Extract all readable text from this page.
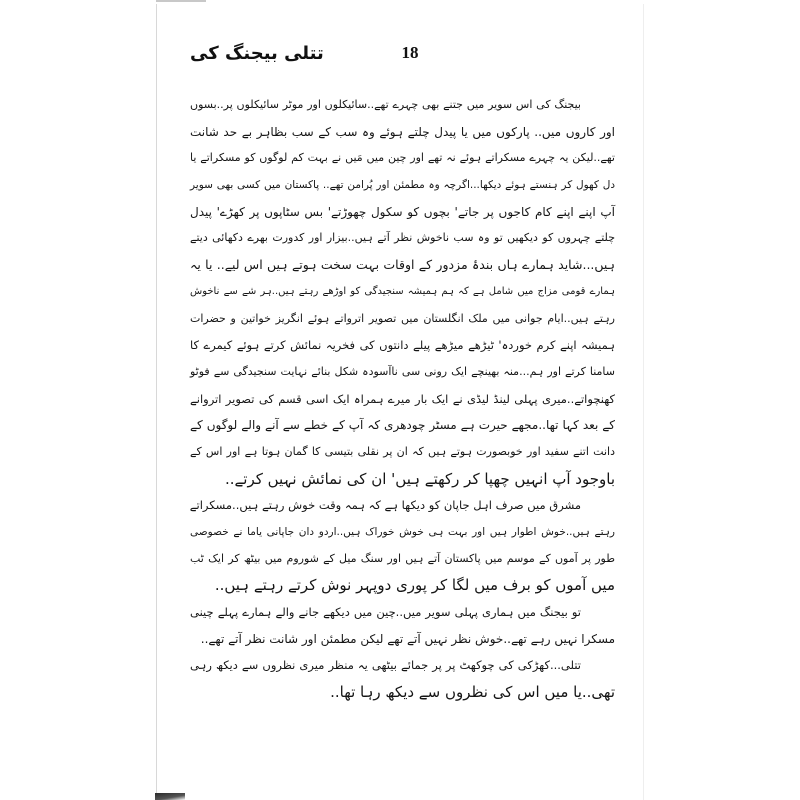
تتلی بیجنگ کی	18
بیجنگ کی اس سویر میں جتنے بھی چہرے تھے..سائیکلوں اور موٹر سائیکلوں پر..بسوں
اور کاروں میں.. پارکوں میں یا پیدل چلتے ہوئے وہ سب کے سب بظاہر بے حد شانت
تھے..لیکن یہ چہرے مسکراتے ہوئے نہ تھے اور چین میں مَیں نے بہت کم لوگوں کو مسکراتے یا
دل کھول کر ہنستے ہوئے دیکھا...اگرچہ وہ مطمئن اور پُرامن تھے.. پاکستان میں کسی بھی سویر
آپ اپنے اپنے کام کاجوں پر جاتے' بچوں کو سکول چھوڑتے' بس سٹاپوں پر کھڑے' پیدل
چلتے چہروں کو دیکھیں تو وہ سب ناخوش نظر آتے ہیں..بیزار اور کدورت بھرے دکھائی دیتے
ہیں...شاید ہمارے ہاں بندۂ مزدور کے اوقات بہت سخت ہوتے ہیں اس لیے.. یا یہ
ہمارے قومی مزاج میں شامل ہے کہ ہم ہمیشہ سنجیدگی کو اوڑھے رہتے ہیں..ہر شے سے ناخوش
رہتے ہیں..ایام جوانی میں ملک انگلستان میں تصویر اترواتے ہوئے انگریز خواتین و حضرات
ہمیشہ اپنے کرم خوردہ' ٹیڑھے میڑھے پیلے دانتوں کی فخریہ نمائش کرتے ہوئے کیمرے کا
سامنا کرتے اور ہم...منہ بھینچے ایک رونی سی ناآسودہ شکل بنائے نہایت سنجیدگی سے فوٹو
کھنچواتے..میری پہلی لینڈ لیڈی نے ایک بار میرے ہمراہ ایک اسی قسم کی تصویر اتروانے
کے بعد کہا تھا..مجھے حیرت ہے مسٹر چودھری کہ آپ کے خطے سے آنے والے لوگوں کے
دانت اتنے سفید اور خوبصورت ہوتے ہیں کہ ان پر نقلی بتیسی کا گمان ہوتا ہے اور اس کے
باوجود آپ انہیں چھپا کر رکھتے ہیں' ان کی نمائش نہیں کرتے..
مشرق میں صرف اہل جاپان کو دیکھا ہے کہ ہمہ وقت خوش رہتے ہیں..مسکراتے
رہتے ہیں..خوش اطوار ہیں اور بہت ہی خوش خوراک ہیں..اردو دان جاپانی یاما نے خصوصی
طور پر آموں کے موسم میں پاکستان آتے ہیں اور سنگ میل کے شوروم میں بیٹھ کر ایک ٹب
میں آموں کو برف میں لگا کر پوری دوپہر نوش کرتے رہتے ہیں..
تو بیجنگ میں ہماری پہلی سویر میں..چین میں دیکھے جانے والے ہمارے پہلے چینی
مسکرا نہیں رہے تھے..خوش نظر نہیں آتے تھے لیکن مطمئن اور شانت نظر آتے تھے..
تتلی...کھڑکی کی چوکھٹ پر پر جمائے بیٹھی یہ منظر میری نظروں سے دیکھ رہی
تھی..یا میں اس کی نظروں سے دیکھ رہا تھا..
